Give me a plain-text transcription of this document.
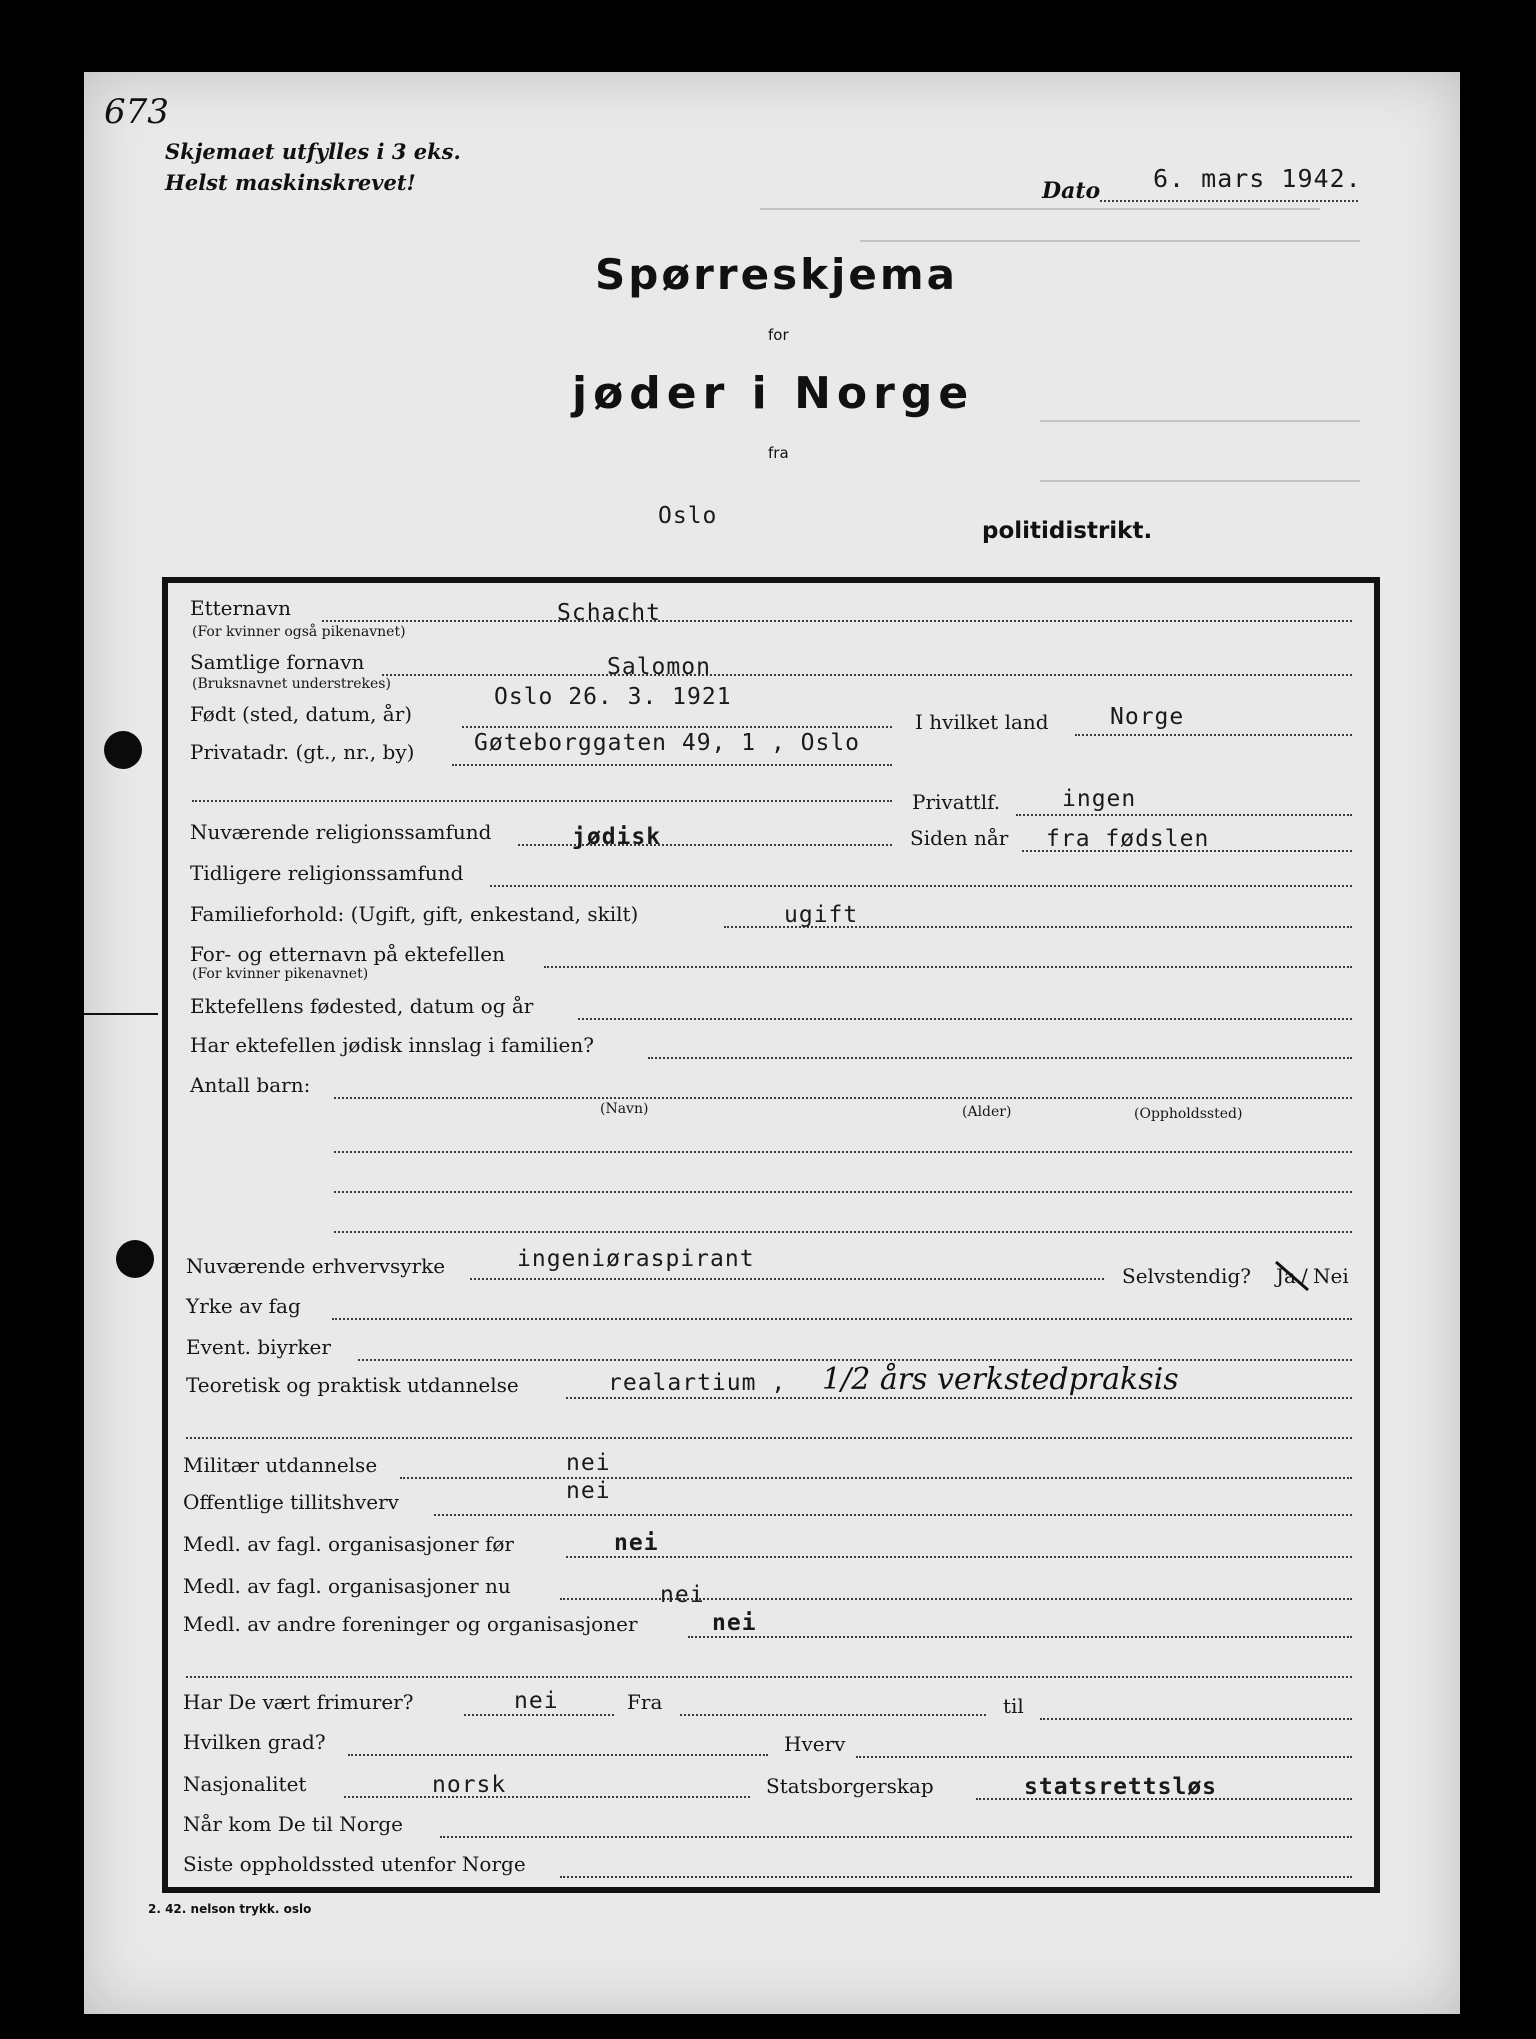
673
Skjemaet utfylles i 3 eks.
Helst maskinskrevet!	Dato 6. mars 1942.
Spørreskjema
for
jøder i Norge
fra
Oslo
politidistrikt.
Etternavn	Schacht
(For kvinner også pikenavnet)
Samtlige fornavn	Salomon
(Bruksnavnet understrekes)
Født (sted, datum, år)
Oslo 26. 3. 1921
I hvilket land	Norge
Privatadr. (gt., nr., by)	Gøteborggaten 49, 1 , Oslo
Privattlf.	ingen
Nuværende religionssamfund	jødisk	Siden når fra fødslen
Tidligere religionssamfund
Familieforhold: (Ugift, gift, enkestand, skilt)	ugift
For- og etternavn på ektefellen
(For kvinner pikenavnet)
Ektefellens fødested, datum og år
Har ektefellen jødisk innslag i familien?
Antall barn:
(Navn)	(Alder)	(Oppholdssted)
Nuværende erhvervsyrke	ingeniøraspirant
Selvstendig? Ja / Nei
Yrke av fag
Event. biyrker
Teoretisk og praktisk utdannelse	realartium , 1/2 års verkstedpraksis
Militær utdannelse	nei
Offentlige tillitshverv	nei
Medl. av fagl. organisasjoner før	nei
Medl. av fagl. organisasjoner nu	nei
Medl. av andre foreninger og organisasjoner	nei
Har De vært frimurer?	nei	Fra	til
Hvilken grad?	Hverv
Nasjonalitet	norsk	Statsborgerskap	statsrettsløs
Når kom De til Norge
Siste oppholdssted utenfor Norge
2. 42. nelson trykk. oslo
